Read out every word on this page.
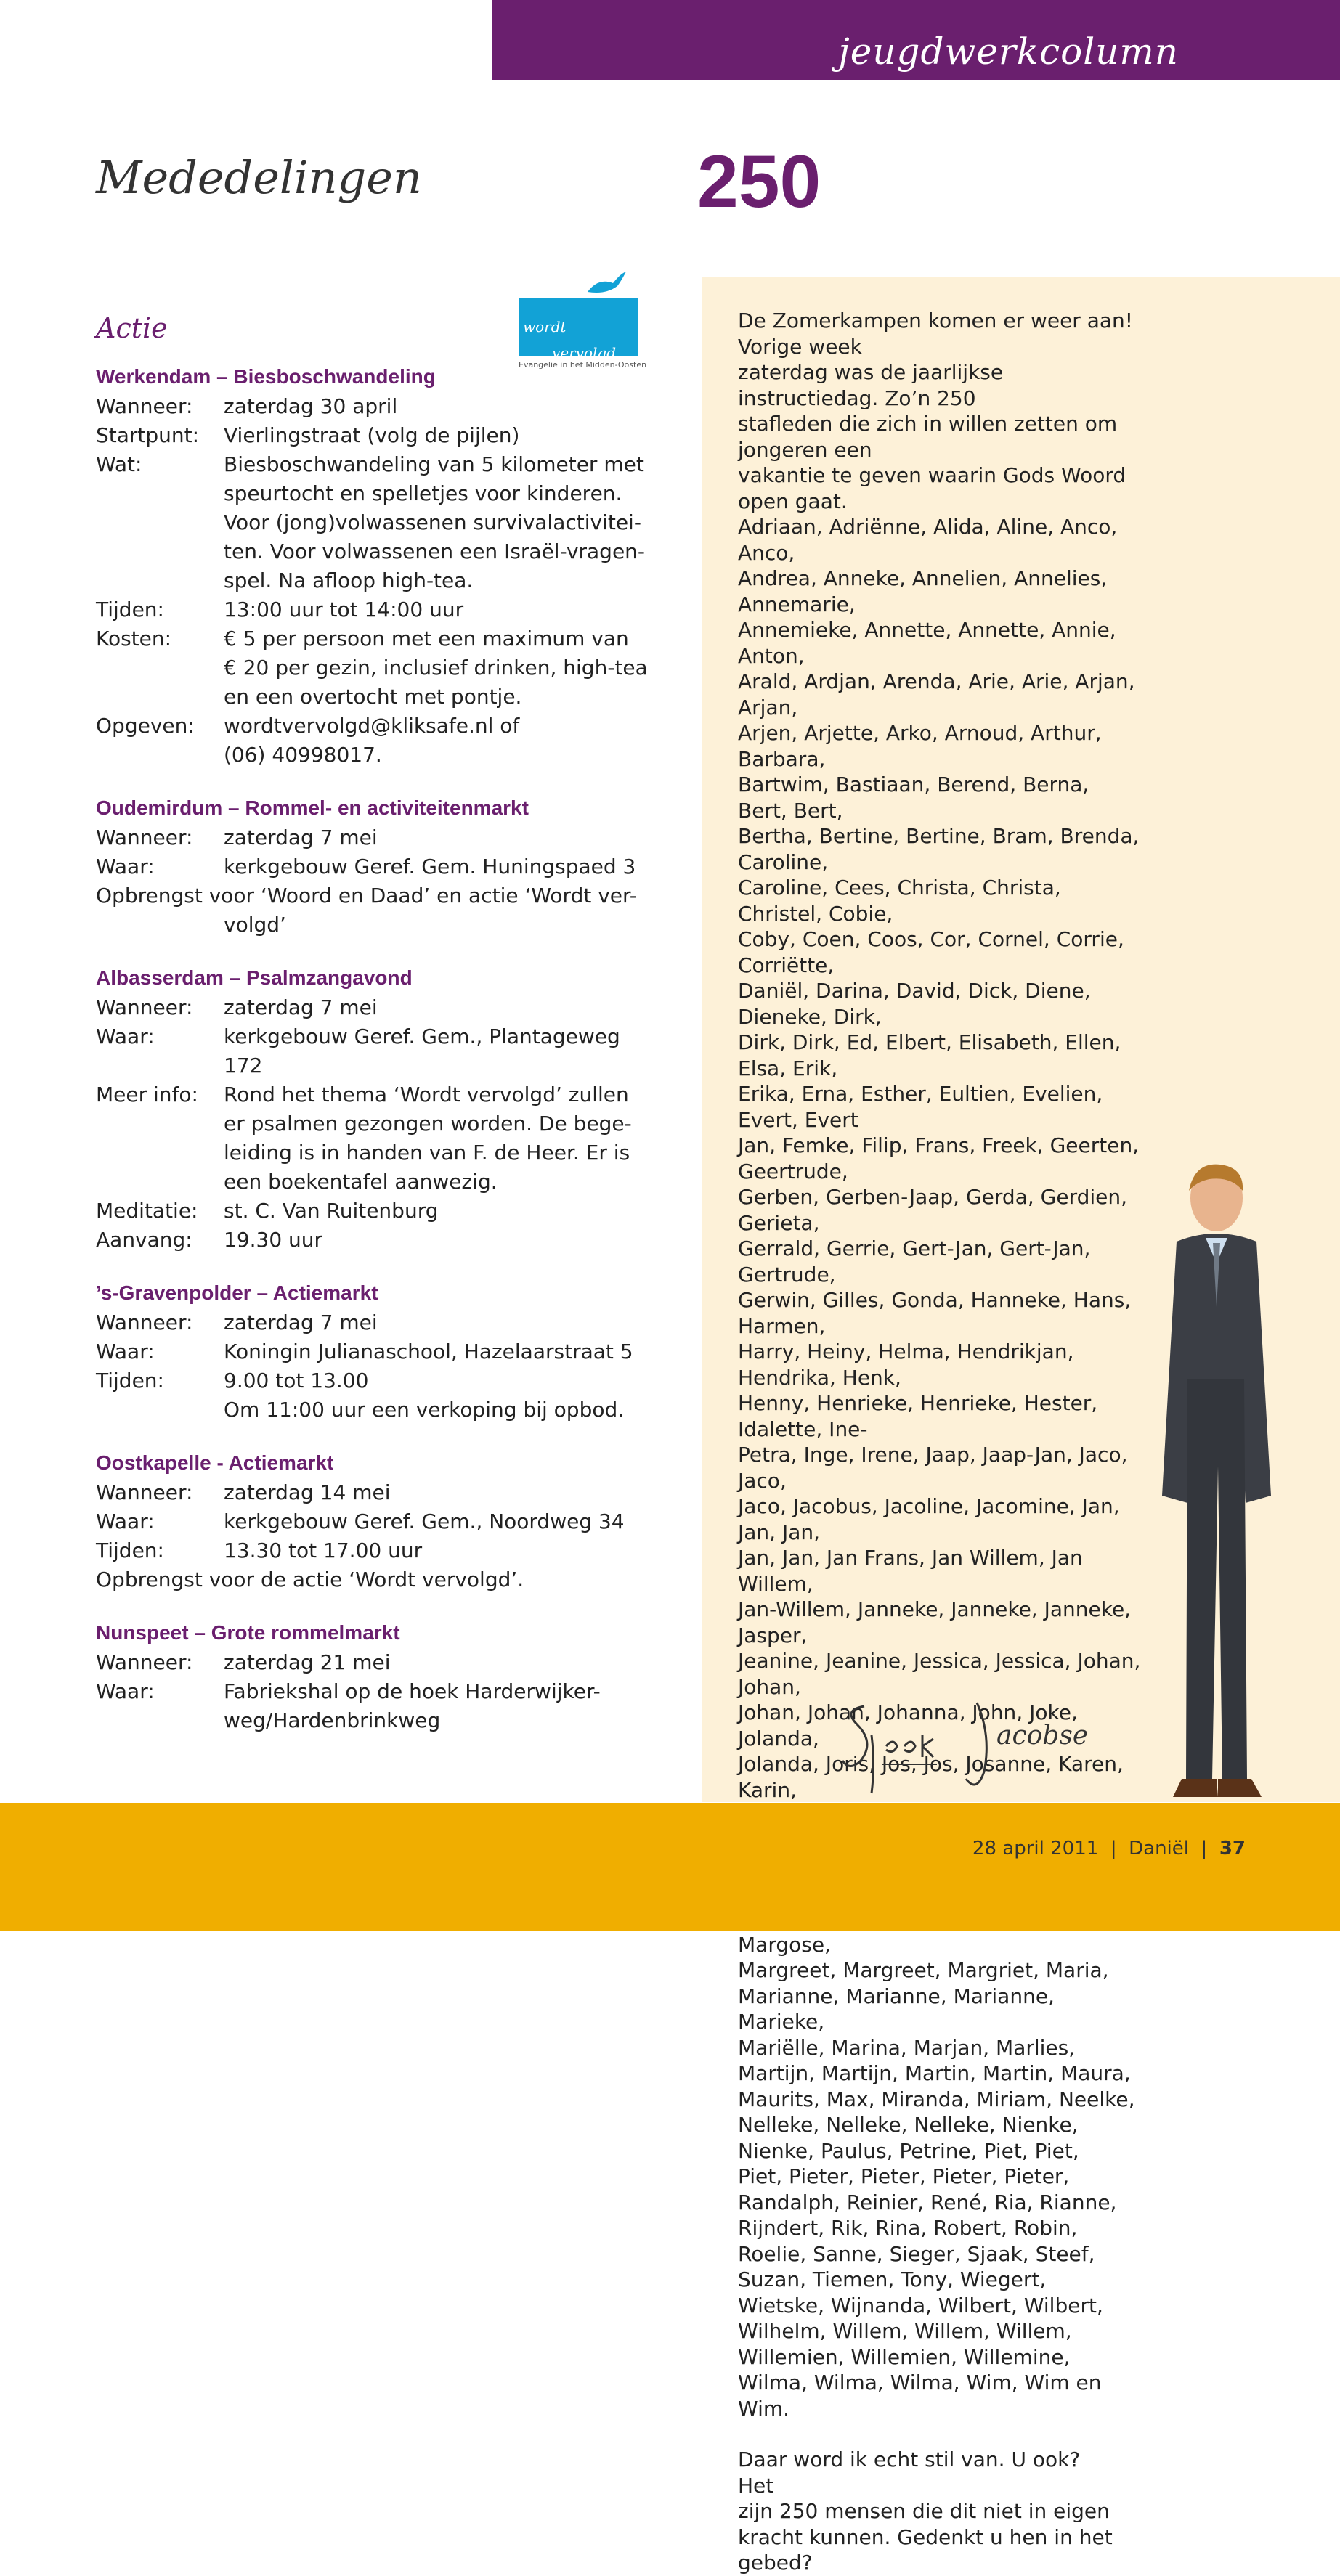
jeugdwerkcolumn
Mededelingen	250
Actie	wordt
vervolgd
Evangelie in het Midden-Oosten
Werkendam – Biesboschwandeling
Wanneer:	zaterdag 30 april
Startpunt:	Vierlingstraat (volg de pijlen)
Wat:	Biesboschwandeling van 5 kilometer met
speurtocht en spelletjes voor kinderen.
Voor (jong)volwassenen survivalactivitei-
ten. Voor volwassenen een Israël-vragen-
spel. Na afloop high-tea.
Tijden:	13:00 uur tot 14:00 uur
Kosten:	€ 5 per persoon met een maximum van
€ 20 per gezin, inclusief drinken, high-tea
en een overtocht met pontje.
Opgeven:	wordtvervolgd@kliksafe.nl of
(06) 40998017.
Oudemirdum – Rommel- en activiteitenmarkt
Wanneer:	zaterdag 7 mei
Waar:	kerkgebouw Geref. Gem. Huningspaed 3
Opbrengst voor ‘Woord en Daad’ en actie ‘Wordt ver-
volgd’
Albasserdam – Psalmzangavond
Wanneer:	zaterdag 7 mei
Waar:	kerkgebouw Geref. Gem., Plantageweg
172
Meer info:	Rond het thema ‘Wordt vervolgd’ zullen
er psalmen gezongen worden. De bege-
leiding is in handen van F. de Heer. Er is
een boekentafel aanwezig.
Meditatie:	st. C. Van Ruitenburg
Aanvang:	19.30 uur
’s-Gravenpolder – Actiemarkt
Wanneer:	zaterdag 7 mei
Waar:	Koningin Julianaschool, Hazelaarstraat 5
Tijden:	9.00 tot 13.00
Om 11:00 uur een verkoping bij opbod.
Oostkapelle - Actiemarkt
Wanneer:	zaterdag 14 mei
Waar:	kerkgebouw Geref. Gem., Noordweg 34
Tijden:	13.30 tot 17.00 uur
Opbrengst voor de actie ‘Wordt vervolgd’.
Nunspeet – Grote rommelmarkt
Wanneer:	zaterdag 21 mei
Waar:	Fabriekshal op de hoek Harderwijker-
weg/Hardenbrinkweg

De Zomerkampen komen er weer aan! Vorige week

zaterdag was de jaarlijkse instructiedag. Zo’n 250

stafleden die zich in willen zetten om jongeren een

vakantie te geven waarin Gods Woord open gaat.

Adriaan, Adriënne, Alida, Aline, Anco, Anco,

Andrea, Anneke, Annelien, Annelies, Annemarie,

Annemieke, Annette, Annette, Annie, Anton,

Arald, Ardjan, Arenda, Arie, Arie, Arjan, Arjan,

Arjen, Arjette, Arko, Arnoud, Arthur, Barbara,

Bartwim, Bastiaan, Berend, Berna, Bert, Bert,

Bertha, Bertine, Bertine, Bram, Brenda, Caroline,

Caroline, Cees, Christa, Christa, Christel, Cobie,

Coby, Coen, Coos, Cor, Cornel, Corrie, Corriëtte,

Daniël, Darina, David, Dick, Diene, Dieneke, Dirk,

Dirk, Dirk, Ed, Elbert, Elisabeth, Ellen, Elsa, Erik,

Erika, Erna, Esther, Eultien, Evelien, Evert, Evert

Jan, Femke, Filip, Frans, Freek, Geerten, Geertrude,

Gerben, Gerben-Jaap, Gerda, Gerdien, Gerieta,

Gerrald, Gerrie, Gert-Jan, Gert-Jan, Gertrude,

Gerwin, Gilles, Gonda, Hanneke, Hans, Harmen,

Harry, Heiny, Helma, Hendrikjan, Hendrika, Henk,

Henny, Henrieke, Henrieke, Hester, Idalette, Ine-

Petra, Inge, Irene, Jaap, Jaap-Jan, Jaco, Jaco,

Jaco, Jacobus, Jacoline, Jacomine, Jan, Jan, Jan,

Jan, Jan, Jan Frans, Jan Willem, Jan Willem,

Jan-Willem, Janneke, Janneke, Janneke, Jasper,

Jeanine, Jeanine, Jessica, Jessica, Johan, Johan,

Johan, Johan, Johanna, John, Joke, Jolanda,

Jolanda, Joris, Jos, Jos, Josanne, Karen, Karin,

Margose,

Margreet, Margreet, Margriet, Maria,

Marianne, Marianne, Marianne, Marieke,

Mariëlle, Marina, Marjan, Marlies,

Martijn, Martijn, Martin, Martin, Maura,

Maurits, Max, Miranda, Miriam, Neelke,

Nelleke, Nelleke, Nelleke, Nienke,

Nienke, Paulus, Petrine, Piet, Piet,

Piet, Pieter, Pieter, Pieter, Pieter,

Randalph, Reinier, René, Ria, Rianne,

Rijndert, Rik, Rina, Robert, Robin,

Roelie, Sanne, Sieger, Sjaak, Steef,

Suzan, Tiemen, Tony, Wiegert,

Wietske, Wijnanda, Wilbert, Wilbert,

Wilhelm, Willem, Willem, Willem,

Willemien, Willemien, Willemine,

Wilma, Wilma, Wilma, Wim, Wim en

Wim.

Daar word ik echt stil van. U ook? Het

zijn 250 mensen die dit niet in eigen

kracht kunnen. Gedenkt u hen in het

gebed?

acobse
28 april 2011 | Daniël | 37
